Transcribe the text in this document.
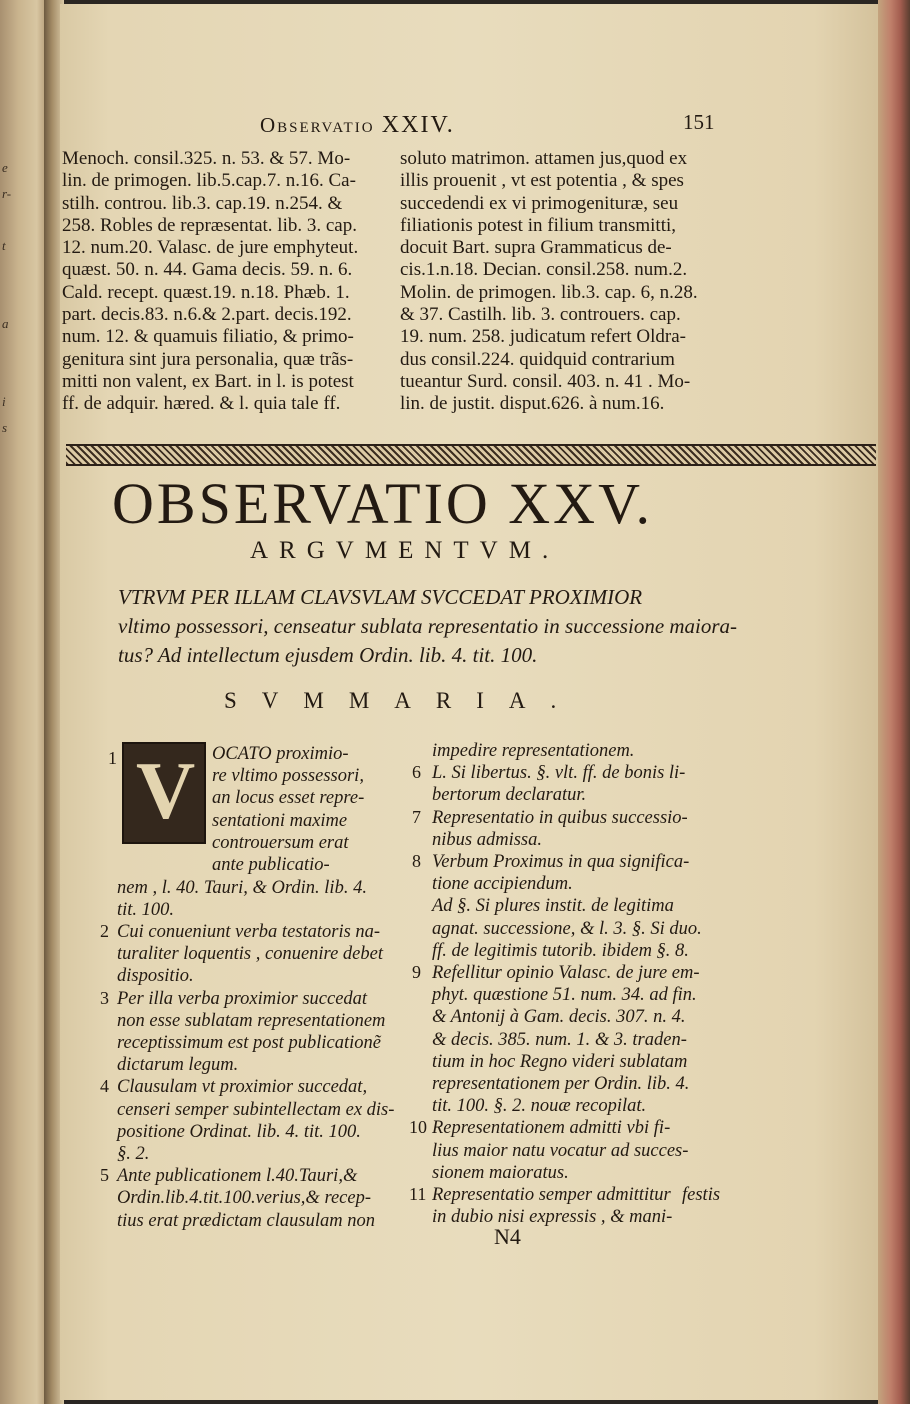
e
r-
t
a
i
s
Observatio XXIV.	151
Menoch. consil.325. n. 53. & 57. Mo-
lin. de primogen. lib.5.cap.7. n.16. Ca-
stilh. controu. lib.3. cap.19. n.254. &
258. Robles de repræsentat. lib. 3. cap.
12. num.20. Valasc. de jure emphyteut.
quæst. 50. n. 44. Gama decis. 59. n. 6.
Cald. recept. quæst.19. n.18. Phæb. 1.
part. decis.83. n.6.& 2.part. decis.192.
num. 12. & quamuis filiatio, & primo-
genitura sint jura personalia, quæ trãs-
mitti non valent, ex Bart. in l. is potest
ff. de adquir. hæred. & l. quia tale ff.
soluto matrimon. attamen jus,quod ex
illis prouenit , vt est potentia , & spes
succedendi ex vi primogenituræ, seu
filiationis potest in filium transmitti,
docuit Bart. supra Grammaticus de-
cis.1.n.18. Decian. consil.258. num.2.
Molin. de primogen. lib.3. cap. 6, n.28.
& 37. Castilh. lib. 3. controuers. cap.
19. num. 258. judicatum refert Oldra-
dus consil.224. quidquid contrarium
tueantur Surd. consil. 403. n. 41 . Mo-
lin. de justit. disput.626. à num.16.
OBSERVATIO XXV.
ARGVMENTVM.
VTRVM PER ILLAM CLAVSVLAM SVCCEDAT PROXIMIOR
vltimo possessori, censeatur sublata representatio in successione maiora-
tus? Ad intellectum ejusdem Ordin. lib. 4. tit. 100.
SVMMARIA.
V
1	OCATO proximio-
re vltimo possessori,
an locus esset repre-
sentationi maxime
controuersum erat
ante publicatio-
nem , l. 40. Tauri, & Ordin. lib. 4.
tit. 100.
2 Cui conueniunt verba testatoris na-
turaliter loquentis , conuenire debet
dispositio.
3 Per illa verba proximior succedat
non esse sublatam representationem
receptissimum est post publicationẽ
dictarum legum.
4 Clausulam vt proximior succedat,
censeri semper subintellectam ex dis-
positione Ordinat. lib. 4. tit. 100.
§. 2.
5 Ante publicationem l.40.Tauri,&
Ordin.lib.4.tit.100.verius,& recep-
tius erat prædictam clausulam non
impedire representationem.
6 L. Si libertus. §. vlt. ff. de bonis li-
bertorum declaratur.
7 Representatio in quibus successio-
nibus admissa.
8 Verbum Proximus in qua significa-
tione accipiendum.
Ad §. Si plures instit. de legitima
agnat. successione, & l. 3. §. Si duo.
ff. de legitimis tutorib. ibidem §. 8.
9 Refellitur opinio Valasc. de jure em-
phyt. quæstione 51. num. 34. ad fin.
& Antonij à Gam. decis. 307. n. 4.
& decis. 385. num. 1. & 3. traden-
tium in hoc Regno videri sublatam
representationem per Ordin. lib. 4.
tit. 100. §. 2. nouæ recopilat.
10 Representationem admitti vbi fi-
lius maior natu vocatur ad succes-
sionem maioratus.
11 Representatio semper admittitur
in dubio nisi expressis , & mani-
festis
N4
